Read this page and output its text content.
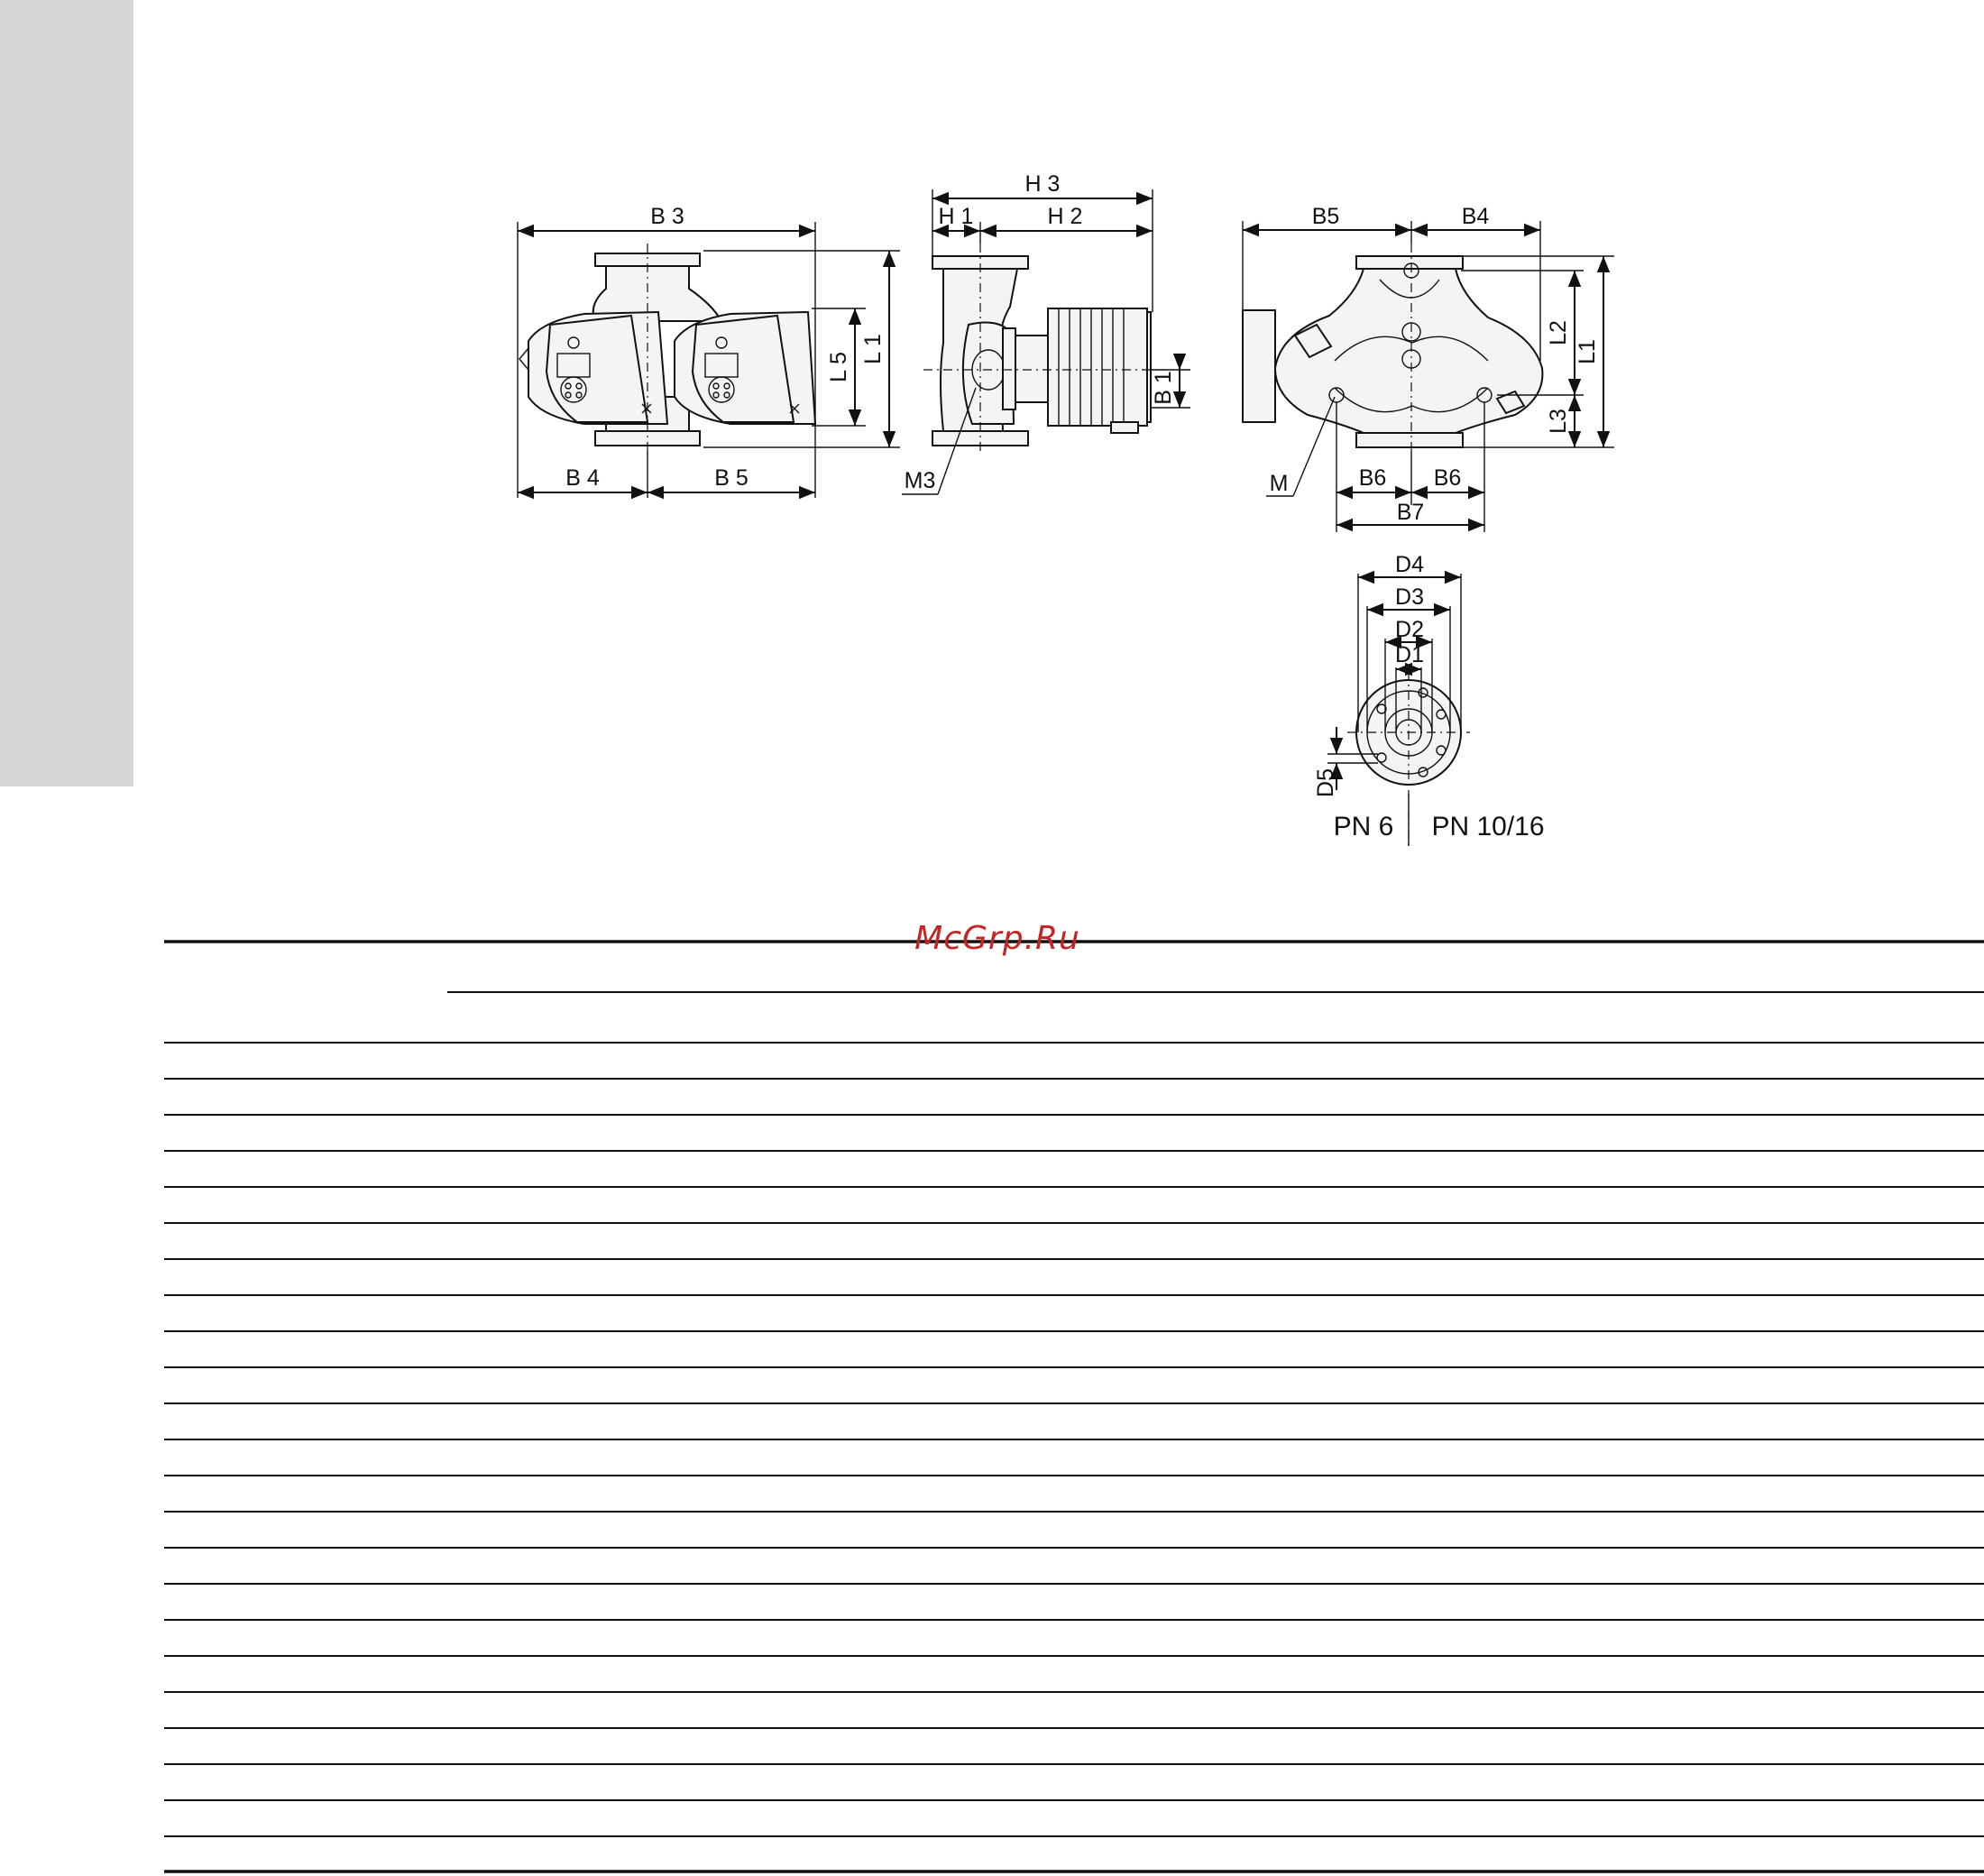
B 3
B 4	B 5
L 5
L 1
H 3
H 1	H 2
B 1
M3
B5	B4
L2
L1
L3
M	B6 B6
B7
D4
D3
D2
D1
D5
PN 6 PN 10/16
McGrp.Ru
